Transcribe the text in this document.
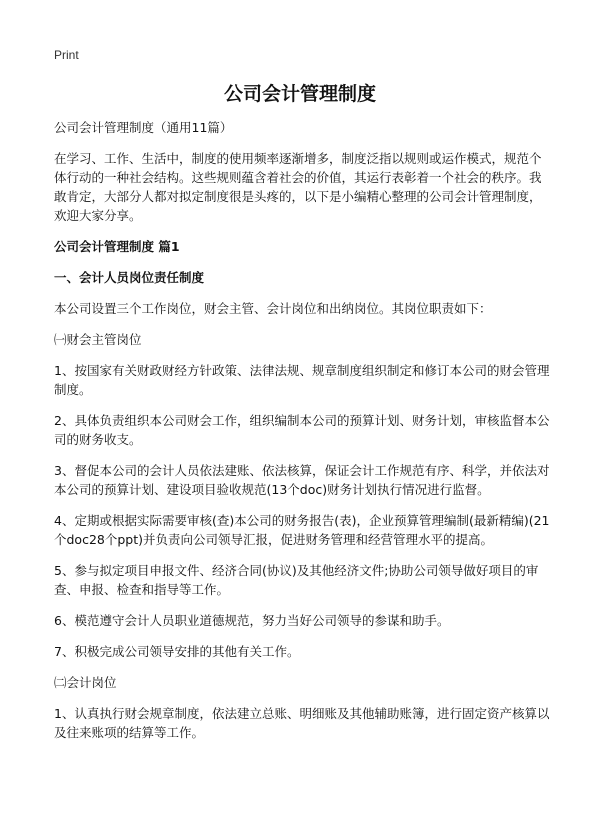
Print
公司会计管理制度

公司会计管理制度（通用11篇）

在学习、工作、生活中，制度的使用频率逐渐增多，制度泛指以规则或运作模式，规范个体行动的一种社会结构。这些规则蕴含着社会的价值，其运行表彰着一个社会的秩序。我敢肯定，大部分人都对拟定制度很是头疼的，以下是小编精心整理的公司会计管理制度，欢迎大家分享。

公司会计管理制度 篇1

一、会计人员岗位责任制度

本公司设置三个工作岗位，财会主管、会计岗位和出纳岗位。其岗位职责如下：

㈠财会主管岗位

1、按国家有关财政财经方针政策、法律法规、规章制度组织制定和修订本公司的财会管理制度。

2、具体负责组织本公司财会工作，组织编制本公司的预算计划、财务计划，审核监督本公司的财务收支。

3、督促本公司的会计人员依法建账、依法核算，保证会计工作规范有序、科学，并依法对本公司的预算计划、建设项目验收规范(13个doc)财务计划执行情况进行监督。

4、定期或根据实际需要审核(查)本公司的财务报告(表)，企业预算管理编制(最新精编)(21个doc28个ppt)并负责向公司领导汇报，促进财务管理和经营管理水平的提高。

5、参与拟定项目申报文件、经济合同(协议)及其他经济文件;协助公司领导做好项目的审查、申报、检查和指导等工作。

6、模范遵守会计人员职业道德规范，努力当好公司领导的参谋和助手。

7、积极完成公司领导安排的其他有关工作。

㈡会计岗位

1、认真执行财会规章制度，依法建立总账、明细账及其他辅助账簿，进行固定资产核算以及往来账项的结算等工作。
